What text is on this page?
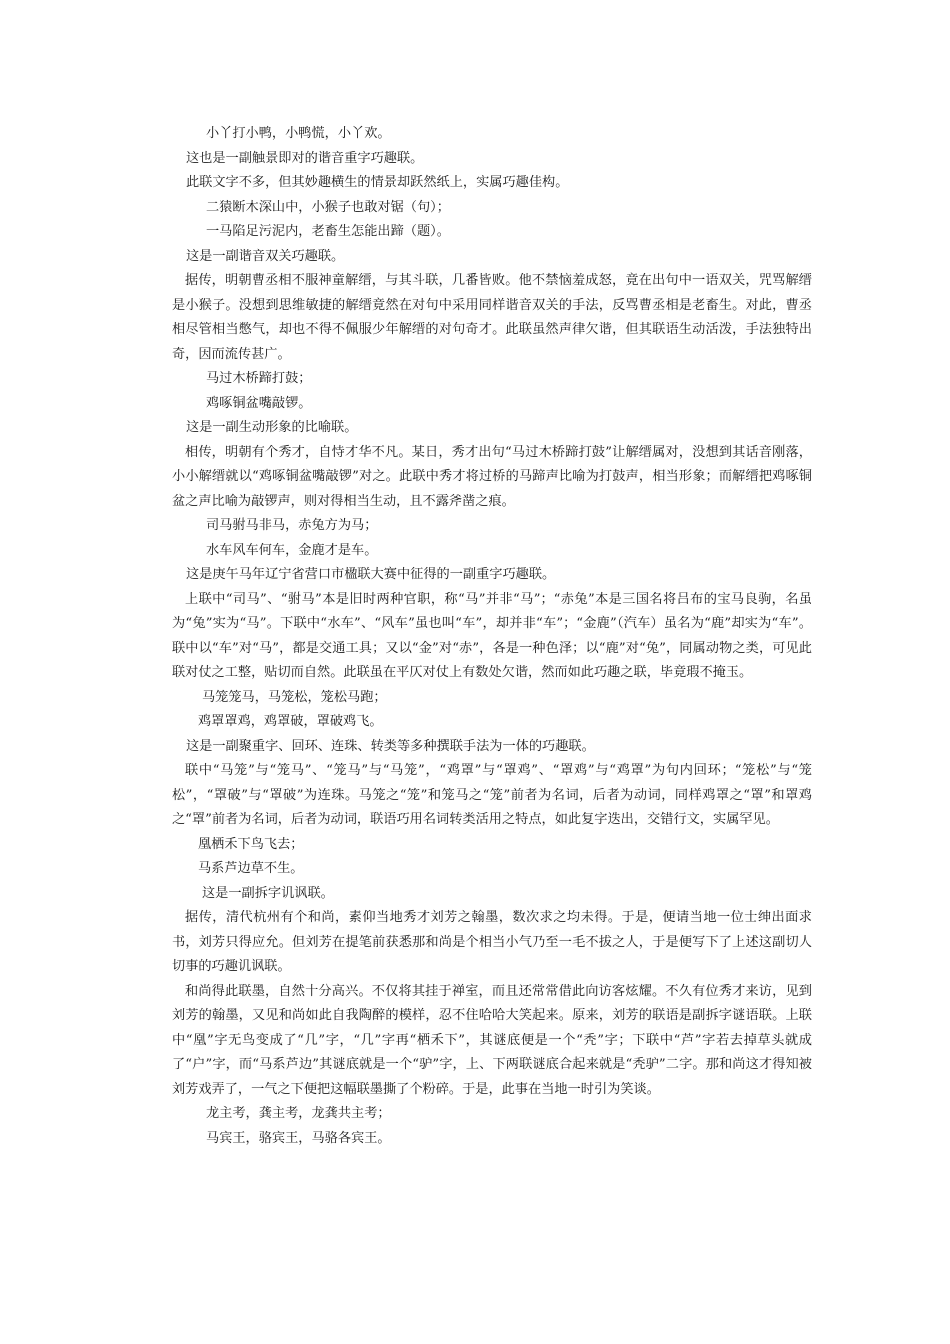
小丫打小鸭，小鸭慌，小丫欢。
这也是一副触景即对的谐音重字巧趣联。
此联文字不多，但其妙趣横生的情景却跃然纸上，实属巧趣佳构。
二猿断木深山中，小猴子也敢对锯（句）；
一马陷足污泥内，老畜生怎能出蹄（题）。
这是一副谐音双关巧趣联。

据传，明朝曹丞相不服神童解缙，与其斗联，几番皆败。他不禁恼羞成怒，竟在出句中一语双关，咒骂解缙是小猴子。没想到思维敏捷的解缙竟然在对句中采用同样谐音双关的手法，反骂曹丞相是老畜生。对此，曹丞相尽管相当憋气，却也不得不佩服少年解缙的对句奇才。此联虽然声律欠谐，但其联语生动活泼，手法独特出奇，因而流传甚广。

马过木桥蹄打鼓；
鸡啄铜盆嘴敲锣。
这是一副生动形象的比喻联。

相传，明朝有个秀才，自恃才华不凡。某日，秀才出句“马过木桥蹄打鼓”让解缙属对，没想到其话音刚落，小小解缙就以“鸡啄铜盆嘴敲锣”对之。此联中秀才将过桥的马蹄声比喻为打鼓声，相当形象；而解缙把鸡啄铜盆之声比喻为敲锣声，则对得相当生动，且不露斧凿之痕。

司马驸马非马，赤兔方为马；
水车风车何车，金鹿才是车。
这是庚午马年辽宁省营口市楹联大赛中征得的一副重字巧趣联。

上联中“司马”、“驸马”本是旧时两种官职，称“马”并非“马”；“赤兔”本是三国名将吕布的宝马良驹，名虽为“兔”实为“马”。下联中“水车”、“风车”虽也叫“车”，却并非“车”；“金鹿”（汽车）虽名为“鹿”却实为“车”。联中以“车”对“马”，都是交通工具；又以“金”对“赤”，各是一种色泽；以“鹿”对“兔”，同属动物之类，可见此联对仗之工整，贴切而自然。此联虽在平仄对仗上有数处欠谐，然而如此巧趣之联，毕竟瑕不掩玉。

马笼笼马，马笼松，笼松马跑；
鸡罩罩鸡，鸡罩破，罩破鸡飞。
这是一副聚重字、回环、连珠、转类等多种撰联手法为一体的巧趣联。

联中“马笼”与“笼马”、“笼马”与“马笼”，“鸡罩”与“罩鸡”、“罩鸡”与“鸡罩”为句内回环；“笼松”与“笼松”，“罩破”与“罩破”为连珠。马笼之“笼”和笼马之“笼”前者为名词，后者为动词，同样鸡罩之“罩”和罩鸡之“罩”前者为名词，后者为动词，联语巧用名词转类活用之特点，如此复字迭出，交错行文，实属罕见。

凰栖禾下鸟飞去；
马系芦边草不生。
这是一副拆字讥讽联。

据传，清代杭州有个和尚，素仰当地秀才刘芳之翰墨，数次求之均未得。于是，便请当地一位士绅出面求书，刘芳只得应允。但刘芳在提笔前获悉那和尚是个相当小气乃至一毛不拔之人，于是便写下了上述这副切人切事的巧趣讥讽联。

和尚得此联墨，自然十分高兴。不仅将其挂于禅室，而且还常常借此向访客炫耀。不久有位秀才来访，见到刘芳的翰墨，又见和尚如此自我陶醉的模样，忍不住哈哈大笑起来。原来，刘芳的联语是副拆字谜语联。上联中“凰”字无鸟变成了“几”字，“几”字再“栖禾下”，其谜底便是一个“秃”字；下联中“芦”字若去掉草头就成了“户”字，而“马系芦边”其谜底就是一个“驴”字，上、下两联谜底合起来就是“秃驴”二字。那和尚这才得知被刘芳戏弄了，一气之下便把这幅联墨撕了个粉碎。于是，此事在当地一时引为笑谈。

龙主考，龚主考，龙龚共主考；
马宾王，骆宾王，马骆各宾王。
